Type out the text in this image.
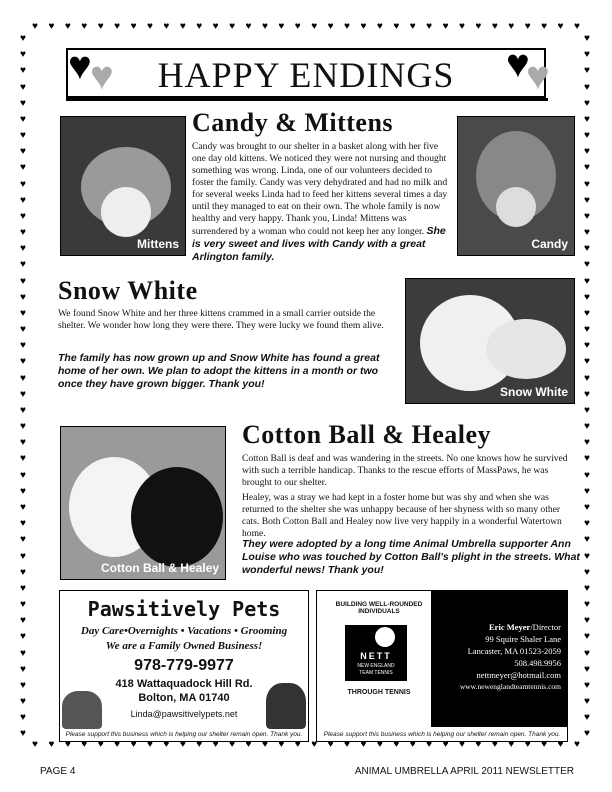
♥ ♥ ♥ ♥ ♥ ♥ ♥ ♥ ♥ ♥ ♥ ♥ ♥ ♥ ♥ ♥ ♥ ♥ ♥ ♥ ♥ ♥ ♥ ♥ ♥ ♥ ♥ ♥ ♥ ♥ ♥ ♥ ♥ ♥
♥ ♥ ♥ ♥ ♥ ♥ ♥ ♥ ♥ ♥ ♥ ♥ ♥ ♥ ♥ ♥ ♥ ♥ ♥ ♥ ♥ ♥ ♥ ♥ ♥ ♥ ♥ ♥ ♥ ♥ ♥ ♥ ♥ ♥
♥
♥
♥
♥
♥
♥
♥
♥
♥
♥
♥
♥
♥
♥
♥
♥
♥
♥
♥
♥
♥
♥
♥
♥
♥
♥
♥
♥
♥
♥
♥
♥
♥
♥
♥
♥
♥
♥
♥
♥
♥
♥
♥
♥
♥
♥
♥
♥
♥
♥
♥
♥
♥
♥
♥
♥
♥
♥
♥
♥
♥
♥
♥
♥
♥
♥
♥
♥
♥
♥
♥
♥
♥
♥
♥
♥
♥
♥
♥
♥
♥
♥
♥
♥
♥
♥
♥
♥
♥
♥	HAPPY ENDINGS	♥
♥
Mittens
Candy & Mittens
Candy was brought to our shelter in a basket along with her five one day old kittens. We noticed they were not nursing and thought something was wrong. Linda, one of our volunteers decided to foster the family. Candy was very dehydrated and had no milk and for several weeks Linda had to feed her kittens several times a day until they managed to eat on their own. The whole family is now healthy and very happy. Thank you, Linda! Mittens was surrendered by a woman who could not keep her any longer. She is very sweet and lives with Candy with a great Arlington family.
Candy
Snow White
We found Snow White and her three kittens crammed in a small carrier outside the shelter. We wonder how long they were there. They were lucky we found them alive.
The family has now grown up and Snow White has found a great home of her own. We plan to adopt the kittens in a month or two once they have grown bigger. Thank you!
Snow White
Cotton Ball & Healey
Cotton Ball & Healey
Cotton Ball is deaf and was wandering in the streets. No one knows how he survived with such a terrible handicap. Thanks to the rescue efforts of MassPaws, he was brought to our shelter.
Healey, was a stray we had kept in a foster home but was shy and when she was returned to the shelter she was unhappy because of her shyness with so many other cats. Both Cotton Ball and Healey now live very happily in a wonderful Watertown home.
They were adopted by a long time Animal Umbrella supporter Ann Louise who was touched by Cotton Ball's plight in the streets. What wonderful news! Thank you!
Pawsitively Pets
Day Care•Overnights • Vacations • Grooming
We are a Family Owned Business!
978-779-9977
418 Wattaquadock Hill Rd.
Bolton, MA 01740
Linda@pawsitivelypets.net
Please support this business which is helping our shelter remain open. Thank you.
BUILDING WELL-ROUNDED INDIVIDUALS
NETT
NEW ENGLAND
TEAM TENNIS
THROUGH TENNIS
Eric Meyer/Director
99 Squire Shaler Lane
Lancaster, MA 01523-2059
508.498.9956
nettmeyer@hotmail.com
www.newenglandteamtennis.com
Please support this business which is helping our shelter remain open. Thank you.
PAGE 4	ANIMAL UMBRELLA APRIL 2011 NEWSLETTER
